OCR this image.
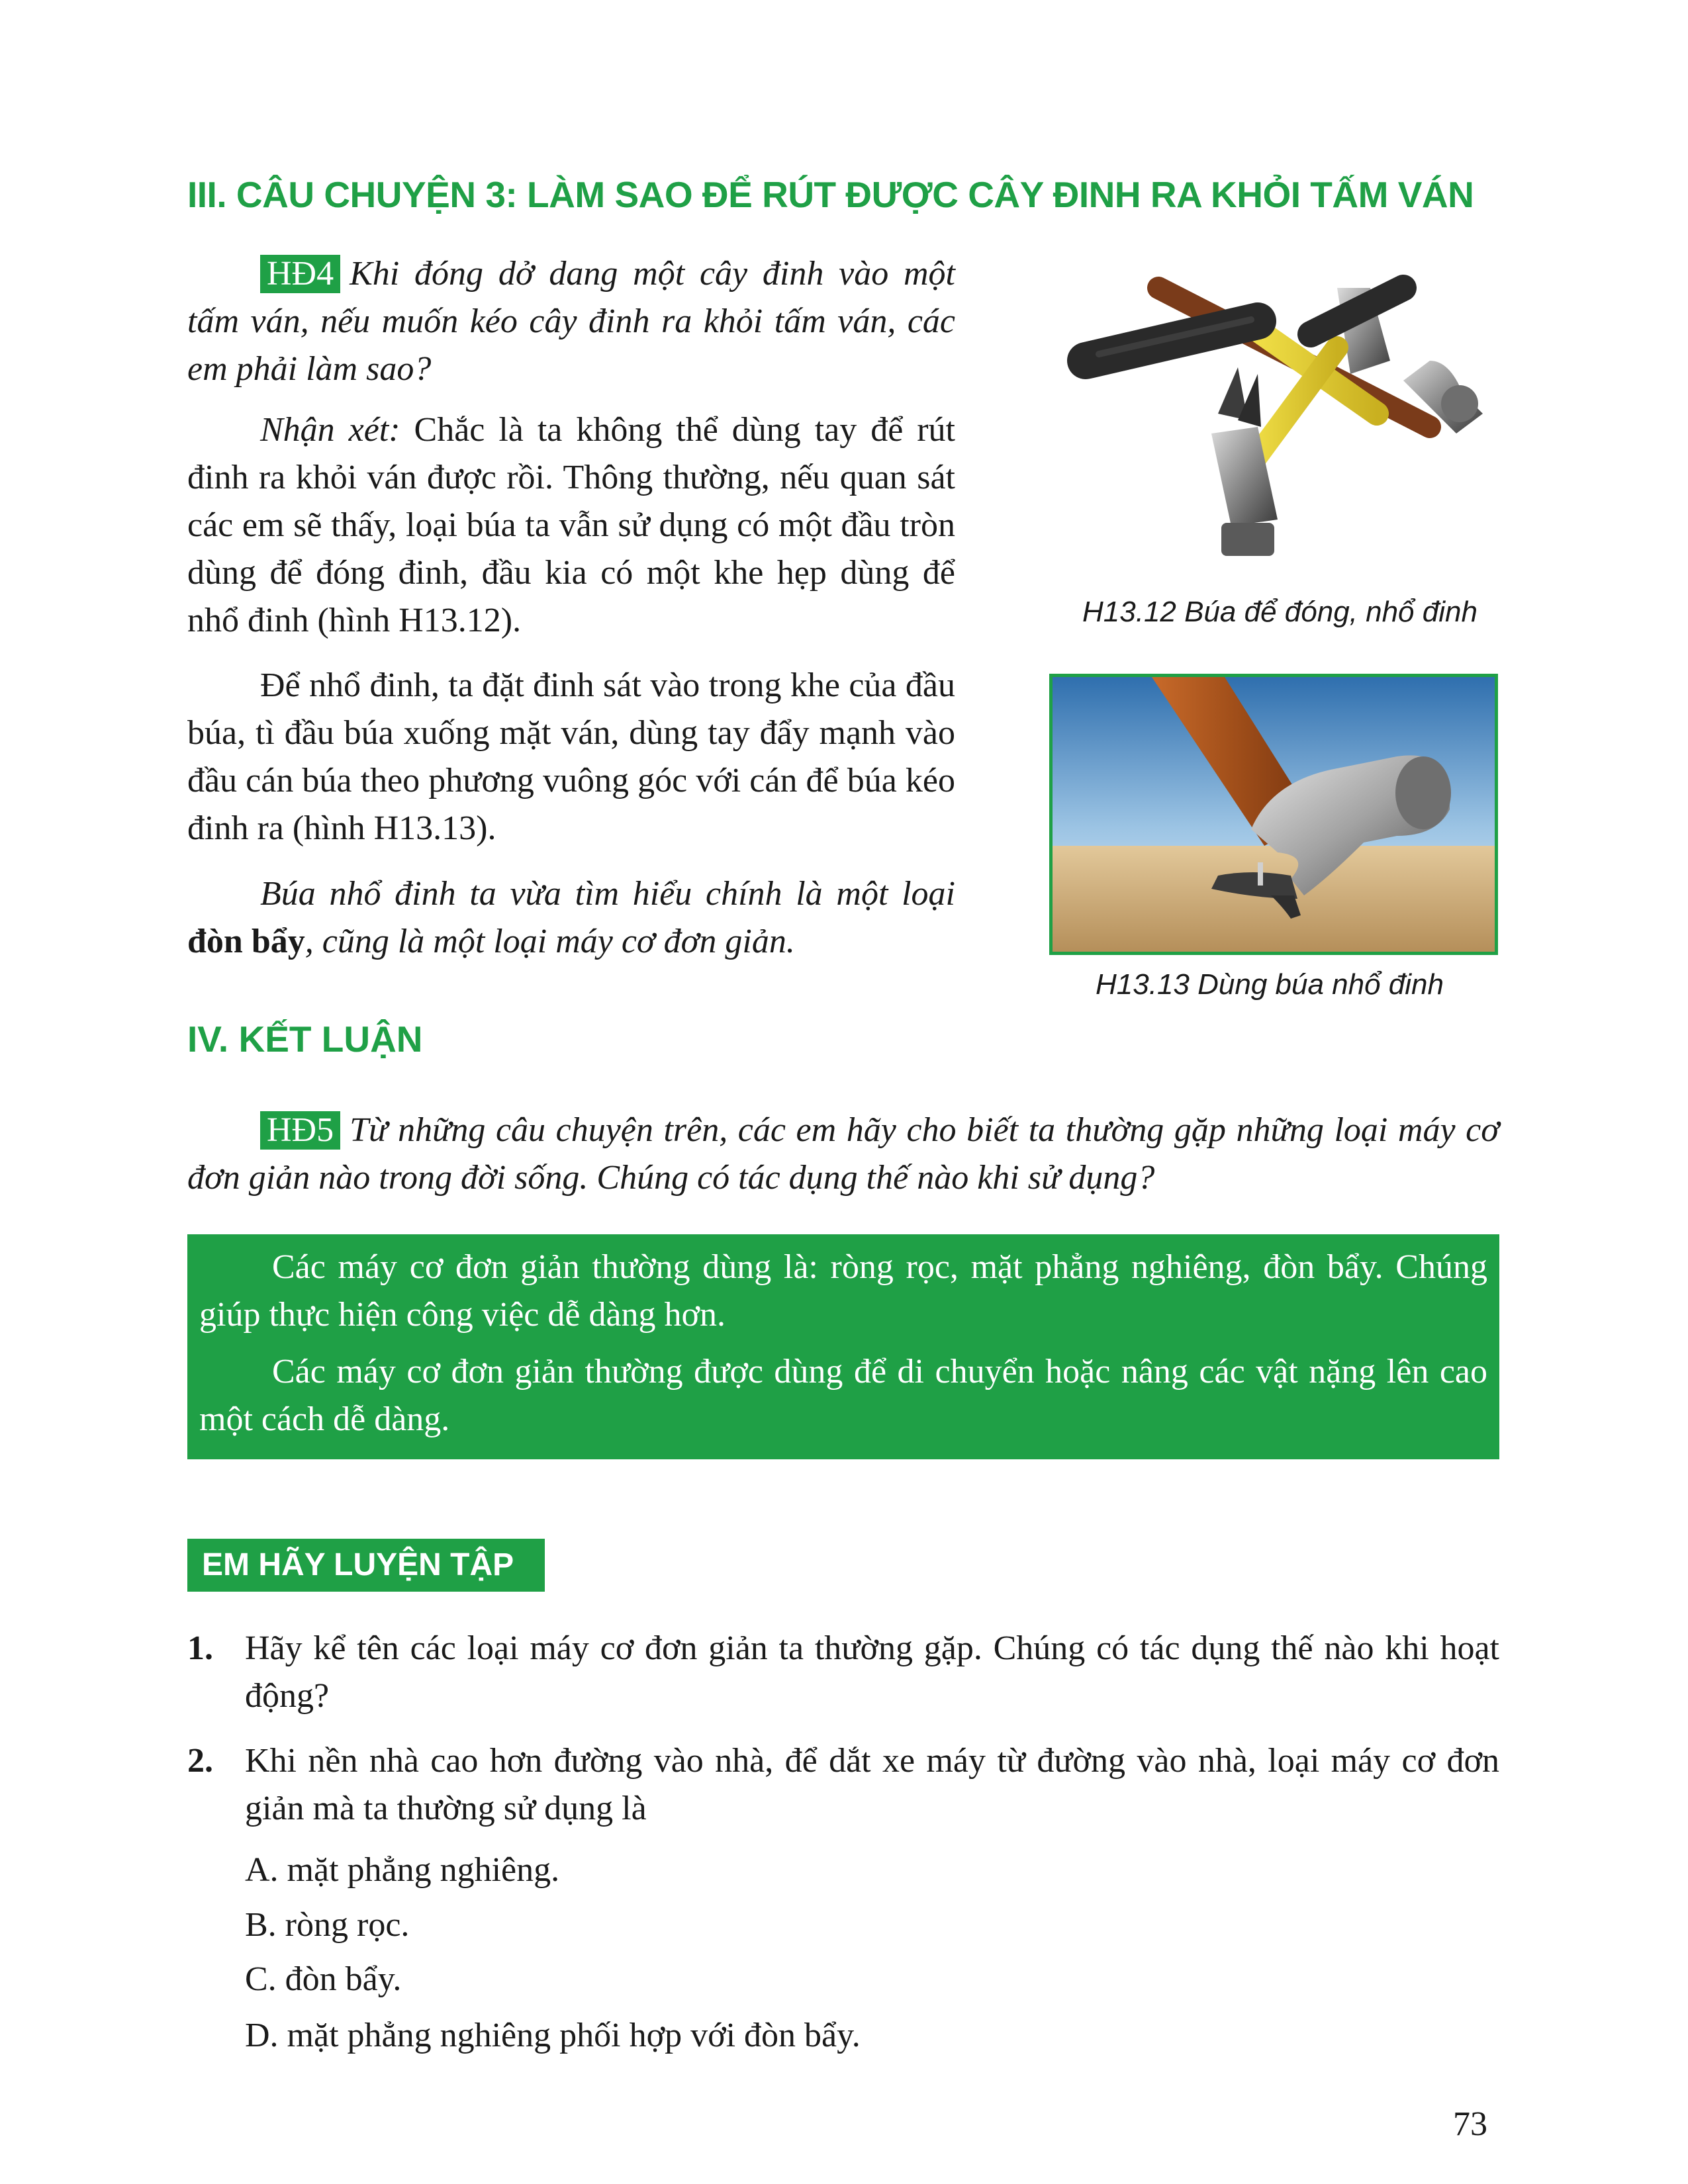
III. CÂU CHUYỆN 3: LÀM SAO ĐỂ RÚT ĐƯỢC CÂY ĐINH RA KHỎI TẤM VÁN

HĐ4 Khi đóng dở dang một cây đinh vào một tấm ván, nếu muốn kéo cây đinh ra khỏi tấm ván, các em phải làm sao?

Nhận xét: Chắc là ta không thể dùng tay để rút đinh ra khỏi ván được rồi. Thông thường, nếu quan sát các em sẽ thấy, loại búa ta vẫn sử dụng có một đầu tròn dùng để đóng đinh, đầu kia có một khe hẹp dùng để nhổ đinh (hình H13.12).

Để nhổ đinh, ta đặt đinh sát vào trong khe của đầu búa, tì đầu búa xuống mặt ván, dùng tay đẩy mạnh vào đầu cán búa theo phương vuông góc với cán để búa kéo đinh ra (hình H13.13).

Búa nhổ đinh ta vừa tìm hiểu chính là một loại đòn bẩy, cũng là một loại máy cơ đơn giản.

H13.12 Búa để đóng, nhổ đinh
H13.13 Dùng búa nhổ đinh
IV. KẾT LUẬN

HĐ5 Từ những câu chuyện trên, các em hãy cho biết ta thường gặp những loại máy cơ đơn giản nào trong đời sống. Chúng có tác dụng thế nào khi sử dụng?

Các máy cơ đơn giản thường dùng là: ròng rọc, mặt phẳng nghiêng, đòn bẩy. Chúng giúp thực hiện công việc dễ dàng hơn.

Các máy cơ đơn giản thường được dùng để di chuyển hoặc nâng các vật nặng lên cao một cách dễ dàng.

EM HÃY LUYỆN TẬP
1. Hãy kể tên các loại máy cơ đơn giản ta thường gặp. Chúng có tác dụng thế nào khi hoạt động?
2. Khi nền nhà cao hơn đường vào nhà, để dắt xe máy từ đường vào nhà, loại máy cơ đơn giản mà ta thường sử dụng là
A. mặt phẳng nghiêng.
B. ròng rọc.
C. đòn bẩy.
D. mặt phẳng nghiêng phối hợp với đòn bẩy.
73
